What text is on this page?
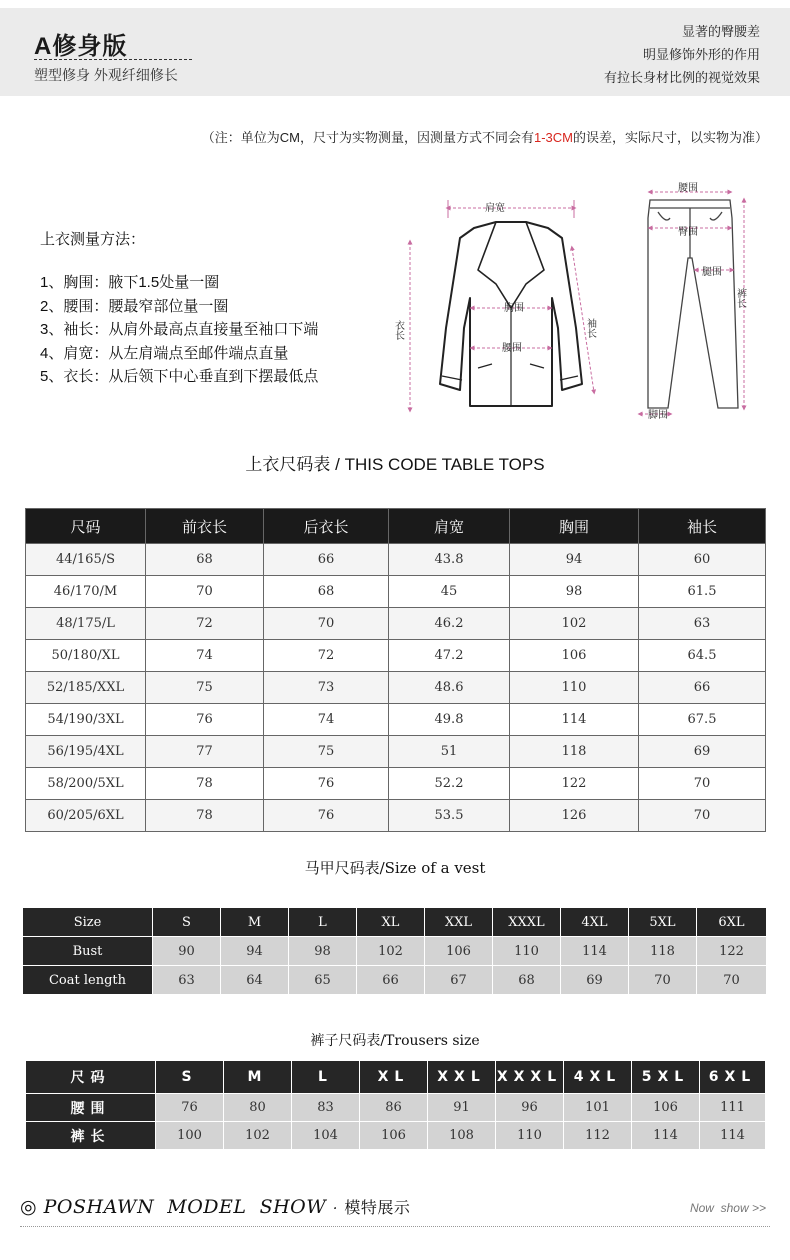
A修身版
塑型修身 外观纤细修长
显著的臀腰差
明显修饰外形的作用
有拉长身材比例的视觉效果
（注：单位为CM，尺寸为实物测量，因测量方式不同会有1-3CM的误差，实际尺寸，以实物为准）
上衣测量方法：
1、胸围：腋下1.5处量一圈
2、腰围：腰最窄部位量一圈
3、袖长：从肩外最高点直接量至袖口下端
4、肩宽：从左肩端点至邮件端点直量
5、衣长：从后领下中心垂直到下摆最低点
肩宽
胸围
腰围
衣长	袖长
腰围
臀围
腿围
裤长
脚围
上衣尺码表 / THIS CODE TABLE TOPS
尺码	前衣长	后衣长	肩宽	胸围	袖长
44/165/S	68	66	43.8	94	60
46/170/M	70	68	45	98	61.5
48/175/L	72	70	46.2	102	63
50/180/XL	74	72	47.2	106	64.5
52/185/XXL	75	73	48.6	110	66
54/190/3XL	76	74	49.8	114	67.5
56/195/4XL	77	75	51	118	69
58/200/5XL	78	76	52.2	122	70
60/205/6XL	78	76	53.5	126	70
马甲尺码表/Size of a vest
Size	S	M	L	XL	XXL	XXXL	4XL	5XL	6XL
Bust	90	94	98	102	106	110	114	118	122
Coat length	63	64	65	66	67	68	69	70	70
裤子尺码表/Trousers size
尺码	S	M	L	XL	XXL	XXXL	4XL	5XL	6XL
腰围	76	80	83	86	91	96	101	106	111
裤长	100	102	104	106	108	110	112	114	114
◎ POSHAWN  MODEL  SHOW · 模特展示	Now  show >>
